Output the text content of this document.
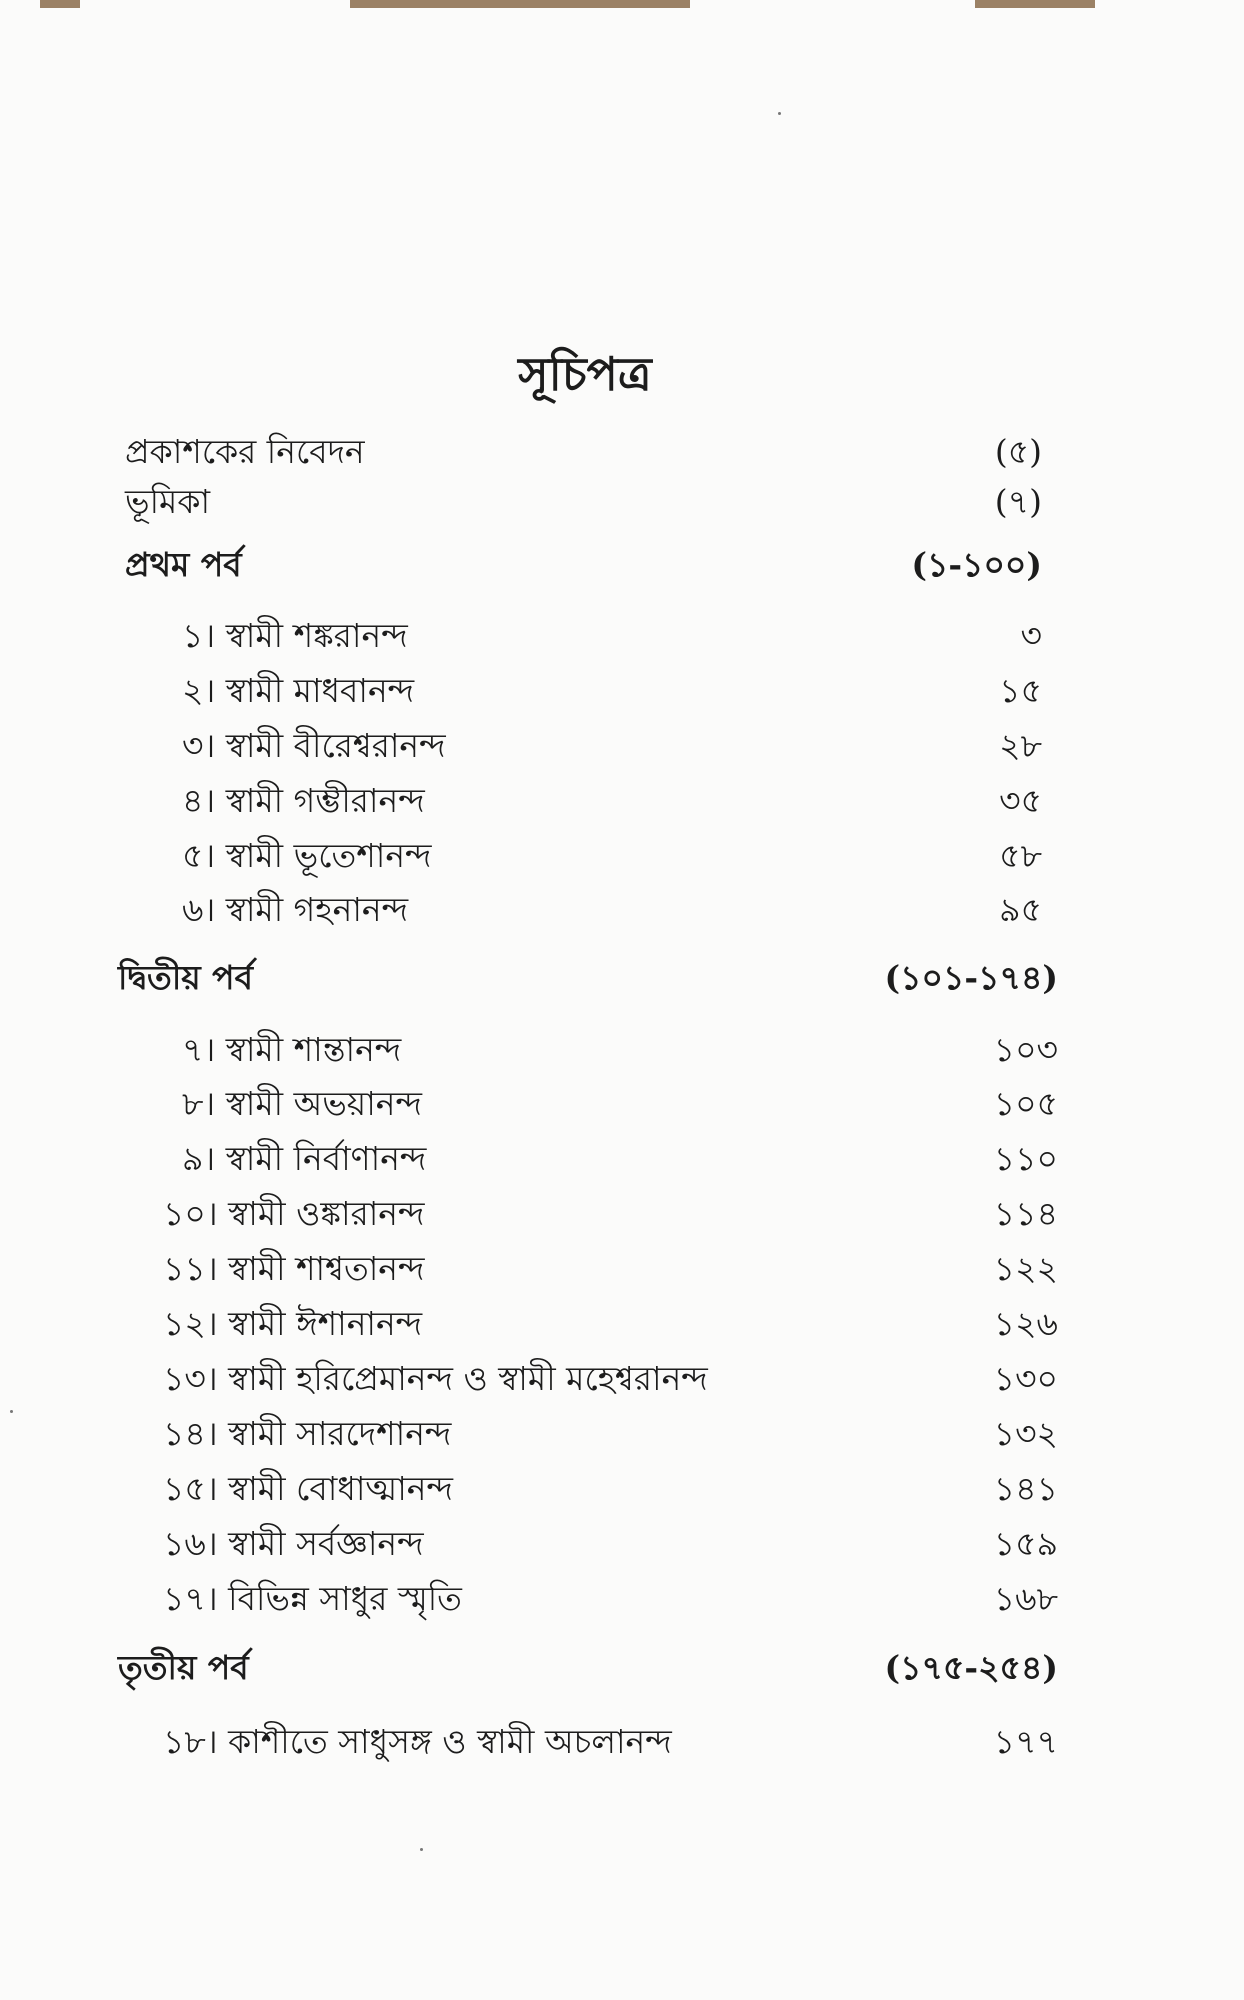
সূচিপত্র
প্রকাশকের নিবেদন	(৫)
ভূমিকা	(৭)
প্রথম পর্ব	(১-১০০)
১। স্বামী শঙ্করানন্দ	৩
২। স্বামী মাধবানন্দ	১৫
৩। স্বামী বীরেশ্বরানন্দ	২৮
৪। স্বামী গম্ভীরানন্দ	৩৫
৫। স্বামী ভূতেশানন্দ	৫৮
৬। স্বামী গহনানন্দ	৯৫
দ্বিতীয় পর্ব	(১০১-১৭৪)
৭। স্বামী শান্তানন্দ	১০৩
৮। স্বামী অভয়ানন্দ	১০৫
৯। স্বামী নির্বাণানন্দ	১১০
১০। স্বামী ওঙ্কারানন্দ	১১৪
১১। স্বামী শাশ্বতানন্দ	১২২
১২। স্বামী ঈশানানন্দ	১২৬
১৩। স্বামী হরিপ্রেমানন্দ ও স্বামী মহেশ্বরানন্দ	১৩০
১৪। স্বামী সারদেশানন্দ	১৩২
১৫। স্বামী বোধাত্মানন্দ	১৪১
১৬। স্বামী সর্বজ্ঞানন্দ	১৫৯
১৭। বিভিন্ন সাধুর স্মৃতি	১৬৮
তৃতীয় পর্ব	(১৭৫-২৫৪)
১৮। কাশীতে সাধুসঙ্গ ও স্বামী অচলানন্দ	১৭৭
